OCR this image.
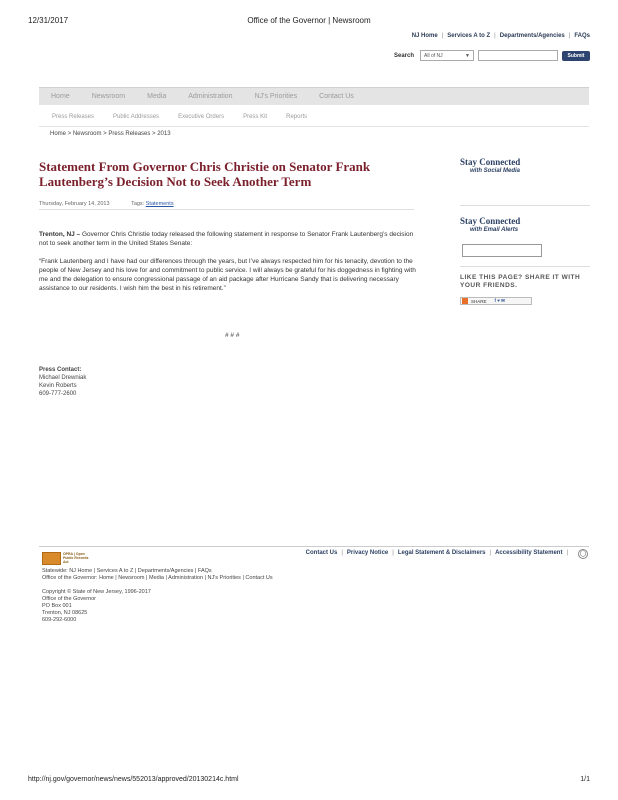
12/31/2017	Office of the Governor | Newsroom
NJ Home | Services A to Z | Departments/Agencies | FAQs
Search All of NJ	▼	Submit
Home	Newsroom	Media	Administration	NJ's Priorities	Contact Us
Press Releases	Public Addresses	Executive Orders	Press Kit	Reports
Home > Newsroom > Press Releases > 2013
Statement From Governor Chris Christie on Senator Frank Lautenberg’s Decision Not to Seek Another Term
Thursday, February 14, 2013	Tags: Statements

Trenton, NJ – Governor Chris Christie today released the following statement in response to Senator Frank Lautenberg’s decision not to seek another term in the United States Senate:

“Frank Lautenberg and I have had our differences through the years, but I’ve always respected him for his tenacity, devotion to the people of New Jersey and his love for and commitment to public service. I will always be grateful for his doggedness in fighting with me and the delegation to ensure congressional passage of an aid package after Hurricane Sandy that is delivering necessary assistance to our residents. I wish him the best in his retirement.”

# # #
Press Contact:
Michael Drewniak
Kevin Roberts
609-777-2600
Stay Connected
with Social Media
Stay Connected
with Email Alerts
LIKE THIS PAGE? SHARE IT WITH YOUR FRIENDS.
SHARE f ♥ ✉
OPRA | Open
Public Records Act
Contact Us | Privacy Notice | Legal Statement & Disclaimers | Accessibility Statement |	◯
Statewide: NJ Home | Services A to Z | Departments/Agencies | FAQs
Office of the Governor: Home | Newsroom | Media | Administration | NJ's Priorities | Contact Us
Copyright © State of New Jersey, 1996-2017
Office of the Governor
PO Box 001
Trenton, NJ 08625
609-292-6000
http://nj.gov/governor/news/news/552013/approved/20130214c.html	1/1
